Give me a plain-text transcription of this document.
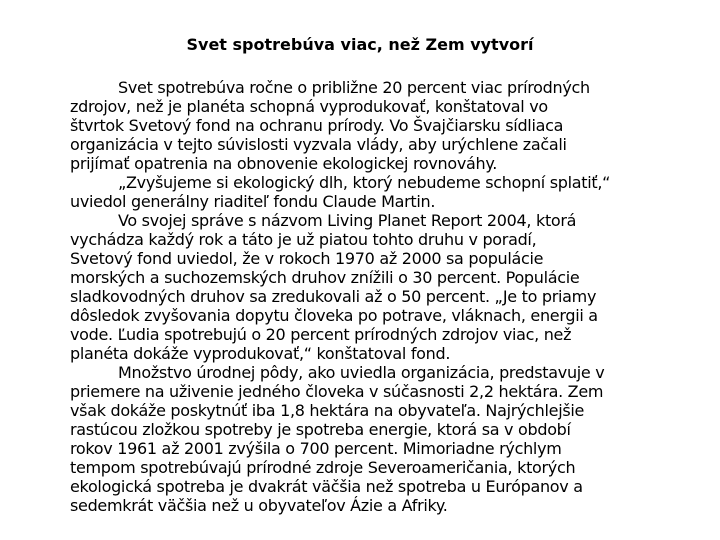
Svet spotrebúva viac, než Zem vytvorí

Svet spotrebúva ročne o približne 20 percent viac prírodných
zdrojov, než je planéta schopná vyprodukovať, konštatoval vo
štvrtok Svetový fond na ochranu prírody. Vo Švajčiarsku sídliaca
organizácia v tejto súvislosti vyzvala vlády, aby urýchlene začali
prijímať opatrenia na obnovenie ekologickej rovnováhy.

„Zvyšujeme si ekologický dlh, ktorý nebudeme schopní splatiť,“
uviedol generálny riaditeľ fondu Claude Martin.

Vo svojej správe s názvom Living Planet Report 2004, ktorá
vychádza každý rok a táto je už piatou tohto druhu v poradí,
Svetový fond uviedol, že v rokoch 1970 až 2000 sa populácie
morských a suchozemských druhov znížili o 30 percent. Populácie
sladkovodných druhov sa zredukovali až o 50 percent. „Je to priamy
dôsledok zvyšovania dopytu človeka po potrave, vláknach, energii a
vode. Ľudia spotrebujú o 20 percent prírodných zdrojov viac, než
planéta dokáže vyprodukovať,“ konštatoval fond.

Množstvo úrodnej pôdy, ako uviedla organizácia, predstavuje v
priemere na uživenie jedného človeka v súčasnosti 2,2 hektára. Zem
však dokáže poskytnúť iba 1,8 hektára na obyvateľa. Najrýchlejšie
rastúcou zložkou spotreby je spotreba energie, ktorá sa v období
rokov 1961 až 2001 zvýšila o 700 percent. Mimoriadne rýchlym
tempom spotrebúvajú prírodné zdroje Severoameričania, ktorých
ekologická spotreba je dvakrát väčšia než spotreba u Európanov a
sedemkrát väčšia než u obyvateľov Ázie a Afriky.
